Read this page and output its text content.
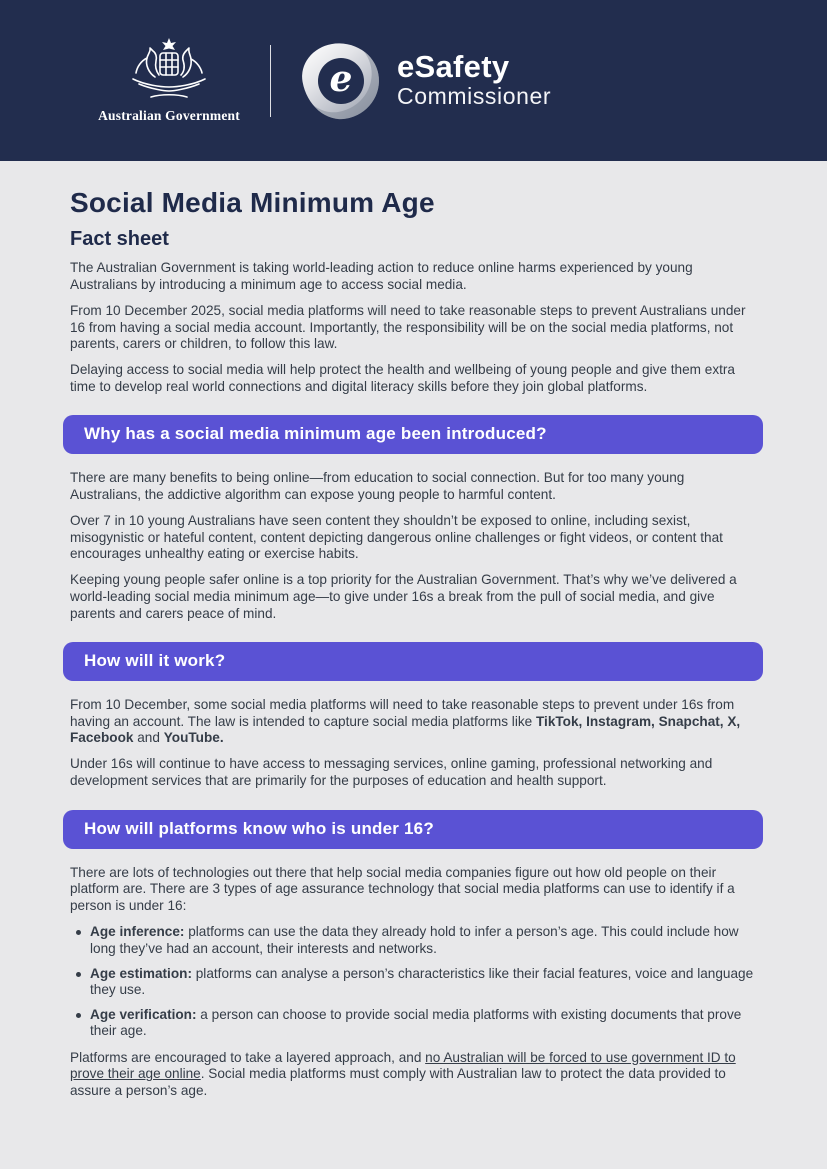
Australian Government
e	eSafety
Commissioner
Social Media Minimum Age
Fact sheet

The Australian Government is taking world-leading action to reduce online harms experienced by young Australians by introducing a minimum age to access social media.

From 10 December 2025, social media platforms will need to take reasonable steps to prevent Australians under 16 from having a social media account. Importantly, the responsibility will be on the social media platforms, not parents, carers or children, to follow this law.

Delaying access to social media will help protect the health and wellbeing of young people and give them extra time to develop real world connections and digital literacy skills before they join global platforms.

Why has a social media minimum age been introduced?

There are many benefits to being online—from education to social connection. But for too many young Australians, the addictive algorithm can expose young people to harmful content.

Over 7 in 10 young Australians have seen content they shouldn’t be exposed to online, including sexist, misogynistic or hateful content, content depicting dangerous online challenges or fight videos, or content that encourages unhealthy eating or exercise habits.

Keeping young people safer online is a top priority for the Australian Government. That’s why we’ve delivered a world-leading social media minimum age—to give under 16s a break from the pull of social media, and give parents and carers peace of mind.

How will it work?

From 10 December, some social media platforms will need to take reasonable steps to prevent under 16s from having an account. The law is intended to capture social media platforms like TikTok, Instagram, Snapchat, X, Facebook and YouTube.

Under 16s will continue to have access to messaging services, online gaming, professional networking and development services that are primarily for the purposes of education and health support.

How will platforms know who is under 16?

There are lots of technologies out there that help social media companies figure out how old people on their platform are. There are 3 types of age assurance technology that social media platforms can use to identify if a person is under 16:

Age inference: platforms can use the data they already hold to infer a person’s age. This could include how long they’ve had an account, their interests and networks.
Age estimation: platforms can analyse a person’s characteristics like their facial features, voice and language they use.
Age verification: a person can choose to provide social media platforms with existing documents that prove their age.

Platforms are encouraged to take a layered approach, and no Australian will be forced to use government ID to prove their age online. Social media platforms must comply with Australian law to protect the data provided to assure a person’s age.
